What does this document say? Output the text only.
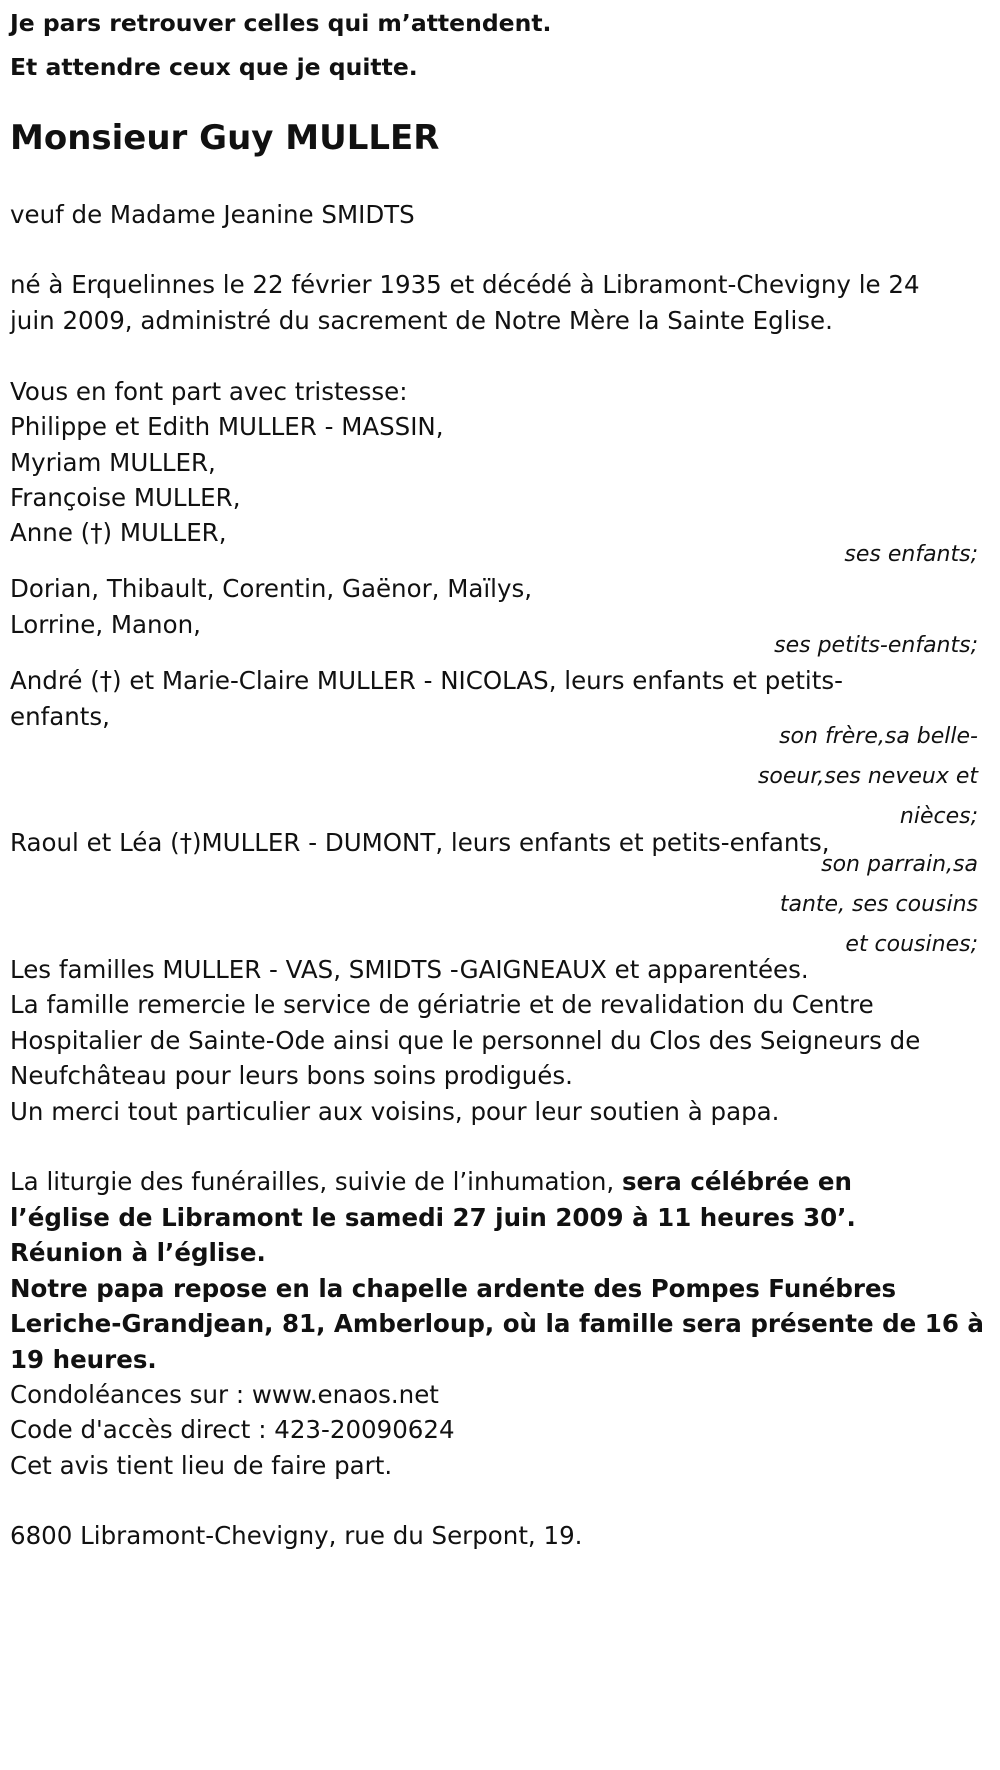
Je pars retrouver celles qui m’attendent.

Et attendre ceux que je quitte.

Monsieur Guy MULLER

veuf de Madame Jeanine SMIDTS

né à Erquelinnes le 22 février 1935 et décédé à Libramont-Chevigny le 24

juin 2009, administré du sacrement de Notre Mère la Sainte Eglise.

Vous en font part avec tristesse:

Philippe et Edith MULLER - MASSIN,

Myriam MULLER,

Françoise MULLER,

Anne (†) MULLER,

ses enfants;

Dorian, Thibault, Corentin, Gaënor, Maïlys,

Lorrine, Manon,

ses petits-enfants;

André (†) et Marie-Claire MULLER - NICOLAS, leurs enfants et petits-

enfants,

son frère,sa belle-soeur,ses neveux et nièces;

Raoul et Léa (†)MULLER - DUMONT, leurs enfants et petits-enfants,

son parrain,sa tante, ses cousins et cousines;

Les familles MULLER - VAS, SMIDTS -GAIGNEAUX et apparentées.

La famille remercie le service de gériatrie et de revalidation du Centre

Hospitalier de Sainte-Ode ainsi que le personnel du Clos des Seigneurs de

Neufchâteau pour leurs bons soins prodigués.

Un merci tout particulier aux voisins, pour leur soutien à papa.

La liturgie des funérailles, suivie de l’inhumation, sera célébrée en

l’église de Libramont le samedi 27 juin 2009 à 11 heures 30’.

Réunion à l’église.

Notre papa repose en la chapelle ardente des Pompes Funébres

Leriche-Grandjean, 81, Amberloup, où la famille sera présente de 16 à

19 heures.

Condoléances sur : www.enaos.net

Code d'accès direct : 423-20090624

Cet avis tient lieu de faire part.

6800 Libramont-Chevigny, rue du Serpont, 19.
